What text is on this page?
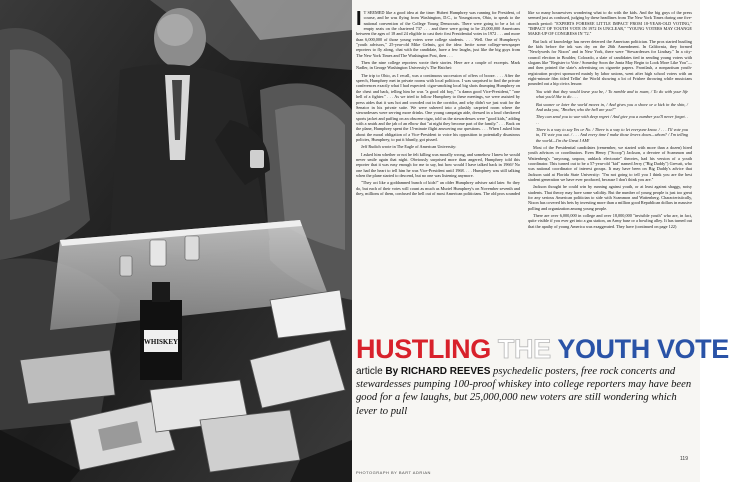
WHISKEY

I T SEEMED like a good idea at the time: Hubert Humphrey was running for President, of course, and he was flying from Washington, D.C., to Youngstown, Ohio, to speak to the national convention of the College Young Democrats. There were going to be a lot of empty seats on the chartered 737 . . . and there were going to be 25,000,000 Americans between the ages of 18 and 24 eligible to cast their first Presidential votes in 1972 . . . and more than 6,000,000 of those young voters were college students. . . . Well. One of Humphrey's "youth advisors," 25-year-old Mike Gelmis, got the idea: Invite some college-newspaper reporters to fly along, chat with the candidate, have a few laughs, just like the big guys from The New York Times and The Washington Post, then . . .

Then the nine college reporters wrote their stories. Here are a couple of excerpts. Mark Nadler, in George Washington University's The Hatchet:

The trip to Ohio, as I recall, was a continuous succession of offers of booze. . . . After the speech, Humphrey met in private rooms with local politicos. I was surprised to find the private conferences exactly what I had expected: cigar-smoking local big shots thumping Humphrey on the chest and back, telling him he was "a good old boy," "a damn good Vice-President," "one hell of a fighter." . . . As we tried to follow Humphrey to these meetings, we were assisted by press aides that it was hot and crowded out in the corridor, and why didn't we just wait for the Senator in his private suite. We were ushered into a plushly carpeted room where the stewardesses were serving more drinks. One young campaign aide, dressed in a loud checkered sports jacket and puffing on an obscene cigar, told us the stewardesses were "good kids," adding with a smirk and the jab of an elbow that "at night they become part of the family." . . . Back on the plane, Humphrey spent the 15-minute flight answering our questions. . . . When I asked him about the moral obligation of a Vice-President to voice his opposition to potentially disastrous policies, Humphrey, to put it bluntly, got pissed.

Jeff Rudich wrote in The Eagle of American University:

I asked him whether or not he felt killing was morally wrong, and somehow I knew he would never smile again that night. Obviously surprised more than angered, Humphrey told this reporter that it was easy enough for me to say, but how would I have talked back in 1966? No one had the heart to tell him he was Vice-President until 1968. . . . Humphrey was still talking when the plane started to descend, but no one was listening anymore.

"They act like a goddamned bunch of kids!" an older Humphrey adviser said later. So they do, but each of their votes will count as much as Muriel Humphrey's on November seventh and they, millions of them, confused the hell out of most American politicians. The old pros sounded

like so many housewives wondering what to do with the kids. And the big guys of the press seemed just as confused, judging by these headlines from The New York Times during one five-month period: "EXPERTS FORESEE LITTLE IMPACT FROM 18-YEAR-OLD VOTING," "IMPACT OF YOUTH VOTE IN 1972 IS UNCLEAR," "YOUNG VOTERS MAY CHANGE MAKE-UP OF CONGRESS IN '72."

But lack of knowledge has never deterred the American politician. The pros started hustling the kids before the ink was dry on the 26th Amendment. In California, they formed "Newlyweds for Nixon" and in New York, there were "Stewardesses for Lindsay." In a city-council election in Boulder, Colorado, a slate of candidates tied in sending young voters with slogans like "Register to Vote / Someday Soon the Junta May Begin to Look More Like You"—and then printed the slate's advertising on cigarette papers. Frontlash, a nonpartisan youth-registration project sponsored mainly by labor unions, went after high school voters with an eight-minute film titled Tellin' the World showing a lot of Frisbee throwing while musicians pounded out a hip civics lesson:

You wish that they would leave you be, / To ramble and to roam, / To do with your life what you'd like to do . . .

But sooner or later the world moves in, / And gives you a shove or a kick in the shin, / And asks you, "Brother, who the hell are you?"

They can send you to war with deep regret / And give you a number you'll never forget. . . .

There is a way to say Yes or No. / There is a way to let everyone know. / . . . I'll vote you in, I'll vote you out. / . . . And every time I make those levers down—whom? / I'm telling the world—I'm the Great I AM!

Most of the Presidential candidates (remember, we started with more than a dozen) hired youth advisors or coordinators. Even Henry ("Scoop") Jackson, a devotee of Scammon and Wattenberg's "unyoung, unpoor, unblack electorate" theories, had his version of a youth coordinator. This turned out to be a 57-year-old "kid" named Jerry ("Big Daddy") Grevatt, who was national coordinator of interest groups. It may have been on Big Daddy's advice that Jackson said at Florida State University: "I'm not going to tell you I think you are the best student generation we have ever produced, because I don't think you are."

Jackson thought he could win by running against youth, or at least against shaggy, noisy students. That theory may have some validity. But the number of young people is just too great for any serious American politician to side with Scammon and Wattenberg. Characteristically, Nixon has covered his bets by investing more than a million good Republican dollars in massive polling and organization among young people.

There are over 6,000,000 in college and over 18,000,000 "invisible youth" who are, in fact, quite visible if you ever get into a gas station, an Army base or a bowling alley. It has turned out that the apathy of young America was exaggerated. They have (continued on page 122)

HUSTLING THE YOUTH VOTE
article By RICHARD REEVES psychedelic posters, free rock concerts and stewardesses pumping 100-proof whiskey into college reporters may have been good for a few laughs, but 25,000,000 new voters are still wondering which lever to pull
PHOTOGRAPH BY BART ADRIAN
119
